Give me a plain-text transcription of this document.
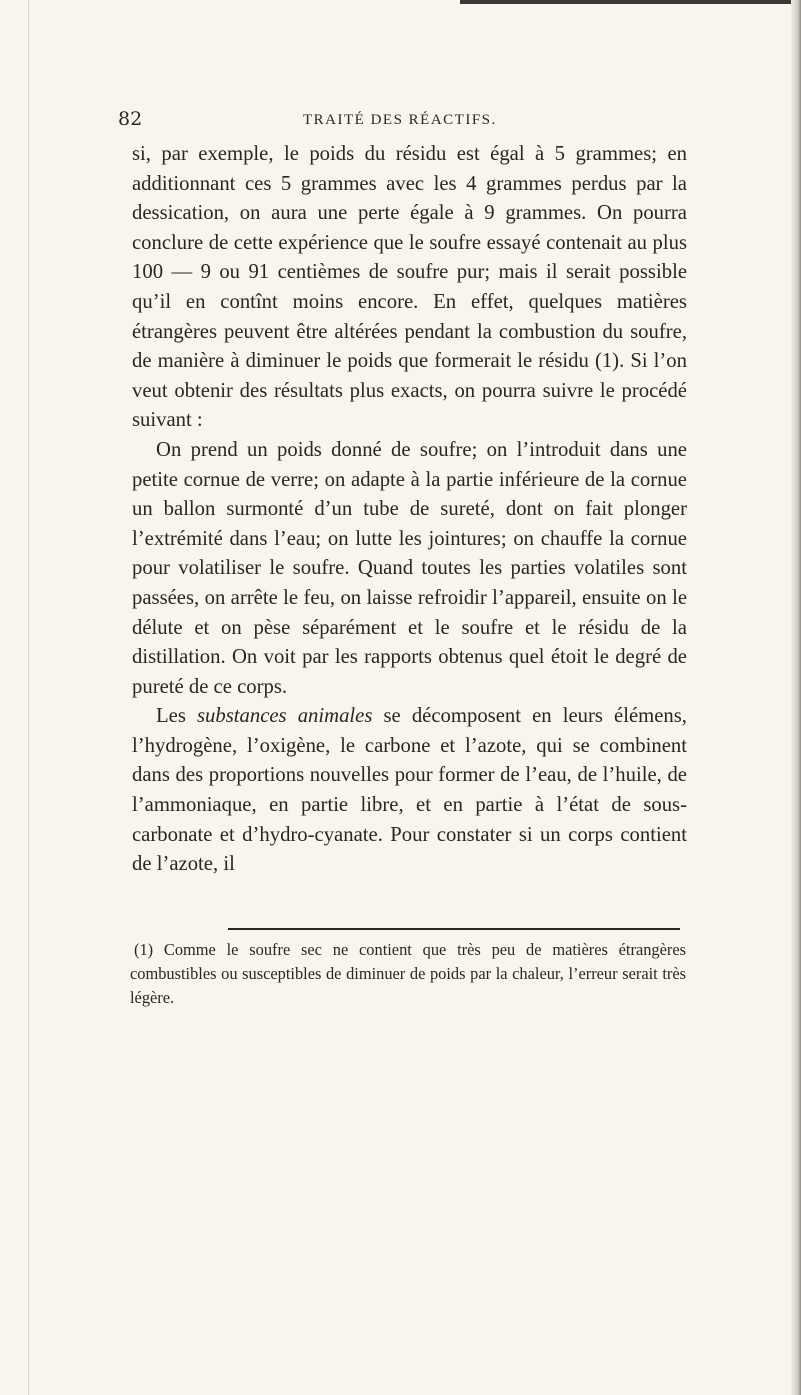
82	TRAITÉ DES RÉACTIFS.

si, par exemple, le poids du résidu est égal à 5 grammes; en additionnant ces 5 grammes avec les 4 grammes perdus par la dessication, on aura une perte égale à 9 grammes. On pourra conclure de cette expérience que le soufre essayé contenait au plus 100 — 9 ou 91 centièmes de soufre pur; mais il serait possible qu’il en contînt moins encore. En effet, quelques matières étrangères peuvent être altérées pendant la combustion du soufre, de manière à diminuer le poids que formerait le résidu (1). Si l’on veut obtenir des résultats plus exacts, on pourra suivre le procédé suivant :

On prend un poids donné de soufre; on l’introduit dans une petite cornue de verre; on adapte à la partie inférieure de la cornue un ballon surmonté d’un tube de sureté, dont on fait plonger l’extrémité dans l’eau; on lutte les jointures; on chauffe la cornue pour volatiliser le soufre. Quand toutes les parties volatiles sont passées, on arrête le feu, on laisse refroidir l’appareil, ensuite on le délute et on pèse séparément et le soufre et le résidu de la distillation. On voit par les rapports obtenus quel étoit le degré de pureté de ce corps.

Les substances animales se décomposent en leurs élémens, l’hydrogène, l’oxigène, le carbone et l’azote, qui se combinent dans des proportions nouvelles pour former de l’eau, de l’huile, de l’ammoniaque, en partie libre, et en partie à l’état de sous-carbonate et d’hydro-cyanate. Pour constater si un corps contient de l’azote, il

(1) Comme le soufre sec ne contient que très peu de matières étrangères combustibles ou susceptibles de diminuer de poids par la chaleur, l’erreur serait très légère.
